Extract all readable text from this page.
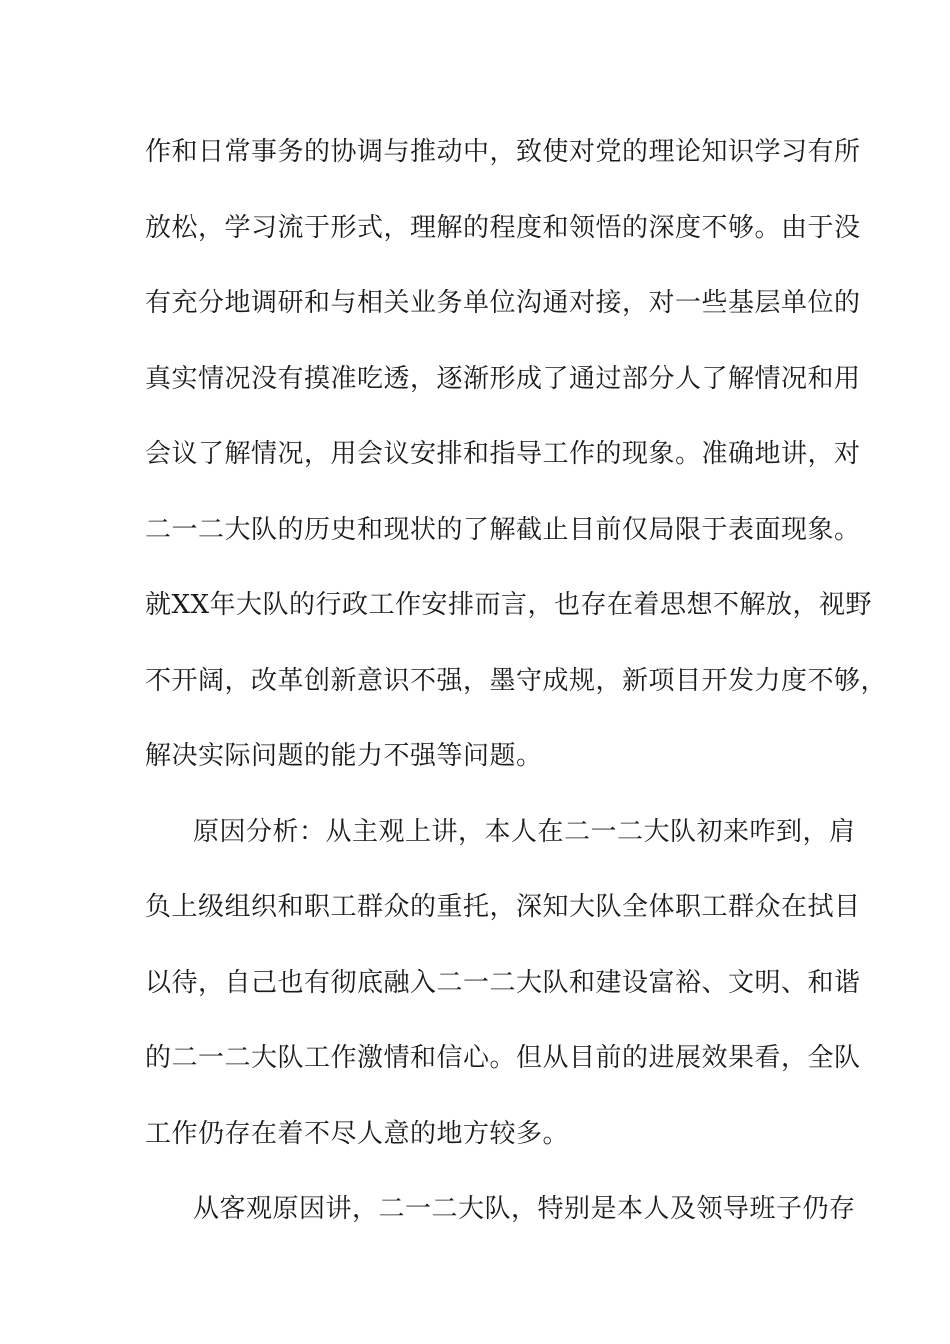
作和日常事务的协调与推动中，致使对党的理论知识学习有所
放松，学习流于形式，理解的程度和领悟的深度不够。由于没
有充分地调研和与相关业务单位沟通对接，对一些基层单位的
真实情况没有摸准吃透，逐渐形成了通过部分人了解情况和用
会议了解情况，用会议安排和指导工作的现象。准确地讲，对
二一二大队的历史和现状的了解截止目前仅局限于表面现象。
就XX年大队的行政工作安排而言，也存在着思想不解放，视野
不开阔，改革创新意识不强，墨守成规，新项目开发力度不够，
解决实际问题的能力不强等问题。
原因分析：从主观上讲，本人在二一二大队初来咋到，肩
负上级组织和职工群众的重托，深知大队全体职工群众在拭目
以待，自己也有彻底融入二一二大队和建设富裕、文明、和谐
的二一二大队工作激情和信心。但从目前的进展效果看，全队
工作仍存在着不尽人意的地方较多。
从客观原因讲，二一二大队，特别是本人及领导班子仍存
